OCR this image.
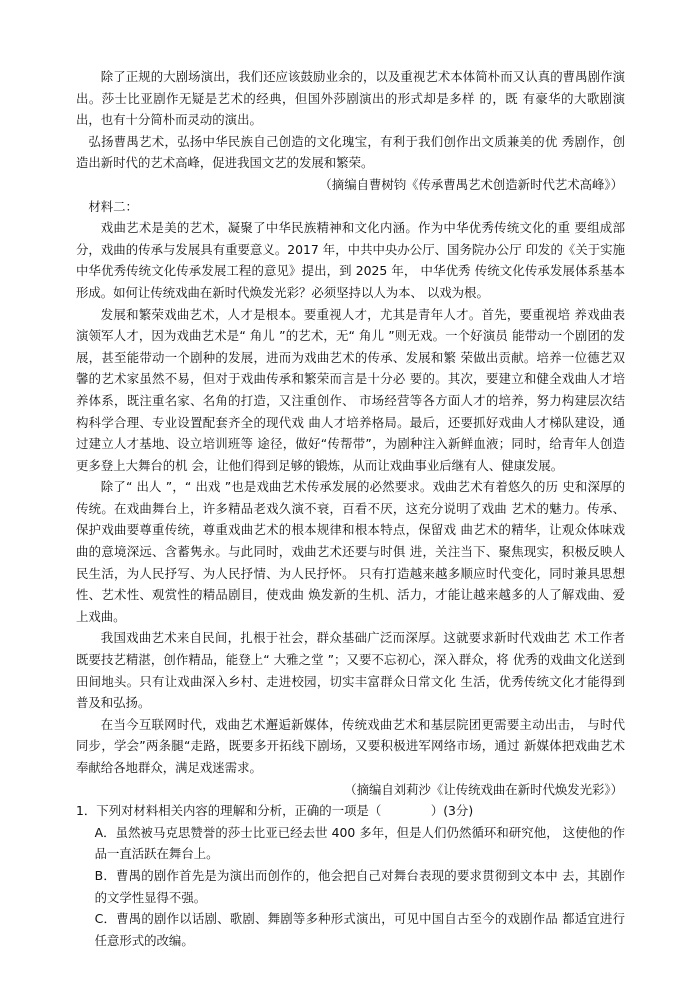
除了正规的大剧场演出，我们还应该鼓励业余的，以及重视艺术本体简朴而又认真的曹禺剧作演出。莎士比亚剧作无疑是艺术的经典，但国外莎剧演出的形式却是多样 的，既 有豪华的大歌剧演出，也有十分简朴而灵动的演出。

弘扬曹禺艺术，弘扬中华民族自己创造的文化瑰宝，有利于我们创作出文质兼美的优 秀剧作，创造出新时代的艺术高峰，促进我国文艺的发展和繁荣。

（摘编自曹树钧《传承曹禺艺术创造新时代艺术高峰》）

材料二：

戏曲艺术是美的艺术，凝聚了中华民族精神和文化内涵。作为中华优秀传统文化的重 要组成部分，戏曲的传承与发展具有重要意义。2017 年，中共中央办公厅、国务院办公厅 印发的《关于实施中华优秀传统文化传承发展工程的意见》提出，到 2025 年， 中华优秀 传统文化传承发展体系基本形成。如何让传统戏曲在新时代焕发光彩？必须坚持以人为本、 以戏为根。

发展和繁荣戏曲艺术，人才是根本。要重视人才，尤其是青年人才。首先，要重视培 养戏曲表演领军人才，因为戏曲艺术是“ 角儿 ”的艺术，无“ 角儿 ”则无戏。一个好演员 能带动一个剧团的发展，甚至能带动一个剧种的发展，进而为戏曲艺术的传承、发展和繁 荣做出贡献。培养一位德艺双馨的艺术家虽然不易，但对于戏曲传承和繁荣而言是十分必 要的。其次，要建立和健全戏曲人才培养体系，既注重名家、名角的打造，又注重创作、 市场经营等各方面人才的培养，努力构建层次结构科学合理、专业设置配套齐全的现代戏 曲人才培养格局。最后，还要抓好戏曲人才梯队建设，通过建立人才基地、设立培训班等 途径，做好“传帮带”，为剧种注入新鲜血液；同时，给青年人创造更多登上大舞台的机 会，让他们得到足够的锻炼，从而让戏曲事业后继有人、健康发展。

除了“ 出人 ”，“ 出戏 ”也是戏曲艺术传承发展的必然要求。戏曲艺术有着悠久的历 史和深厚的传统。在戏曲舞台上，许多精品老戏久演不衰，百看不厌，这充分说明了戏曲 艺术的魅力。传承、保护戏曲要尊重传统，尊重戏曲艺术的根本规律和根本特点，保留戏 曲艺术的精华，让观众体味戏曲的意境深远、含蓄隽永。与此同时，戏曲艺术还要与时俱 进，关注当下、聚焦现实，积极反映人民生活，为人民抒写、为人民抒情、为人民抒怀。 只有打造越来越多顺应时代变化，同时兼具思想性、艺术性、观赏性的精品剧目，使戏曲 焕发新的生机、活力，才能让越来越多的人了解戏曲、爱上戏曲。

我国戏曲艺术来自民间，扎根于社会，群众基础广泛而深厚。这就要求新时代戏曲艺 术工作者既要技艺精湛，创作精品，能登上“ 大雅之堂 ”；又要不忘初心，深入群众，将 优秀的戏曲文化送到田间地头。只有让戏曲深入乡村、走进校园，切实丰富群众日常文化 生活，优秀传统文化才能得到普及和弘扬。

在当今互联网时代，戏曲艺术邂逅新媒体，传统戏曲艺术和基层院团更需要主动出击， 与时代同步，学会”两条腿“走路，既要多开拓线下剧场，又要积极进军网络市场，通过 新媒体把戏曲艺术奉献给各地群众，满足戏迷需求。

（摘编自刘莉沙《让传统戏曲在新时代焕发光彩》）

1．下列对材料相关内容的理解和分析，正确的一项是（　　　　）(3分)

A．虽然被马克思赞誉的莎士比亚已经去世 400 多年，但是人们仍然循环和研究他， 这使他的作品一直活跃在舞台上。

B．曹禺的剧作首先是为演出而创作的，他会把自己对舞台表现的要求贯彻到文本中 去，其剧作的文学性显得不强。

C．曹禺的剧作以话剧、歌剧、舞剧等多种形式演出，可见中国自古至今的戏剧作品 都适宜进行任意形式的改编。
